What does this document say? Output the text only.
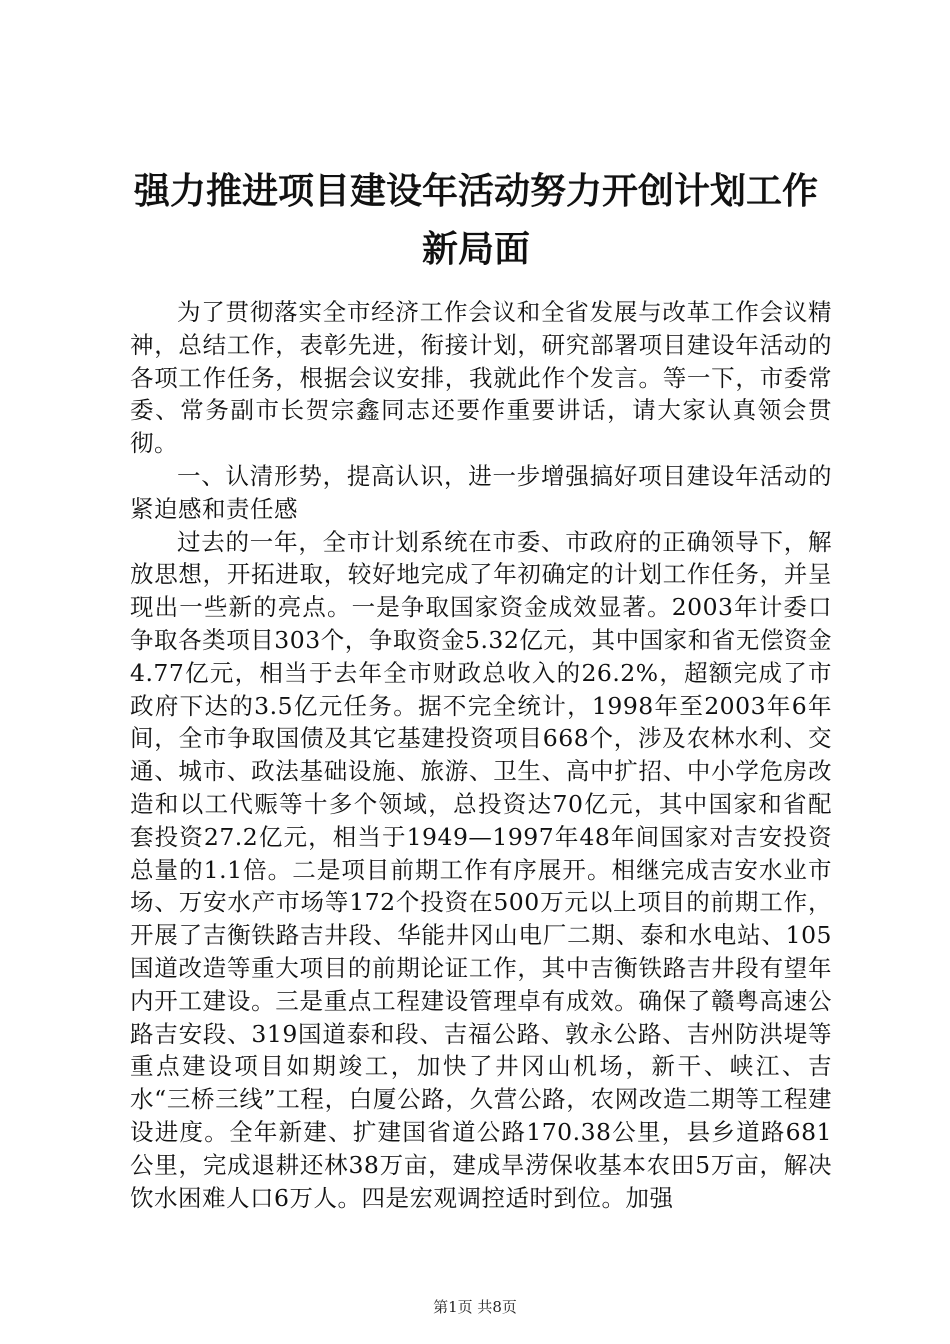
强力推进项目建设年活动努力开创计划工作新局面

为了贯彻落实全市经济工作会议和全省发展与改革工作会议精神，总结工作，表彰先进，衔接计划，研究部署项目建设年活动的各项工作任务，根据会议安排，我就此作个发言。等一下，市委常委、常务副市长贺宗鑫同志还要作重要讲话，请大家认真领会贯彻。

一、认清形势，提高认识，进一步增强搞好项目建设年活动的紧迫感和责任感

过去的一年，全市计划系统在市委、市政府的正确领导下，解放思想，开拓进取，较好地完成了年初确定的计划工作任务，并呈现出一些新的亮点。一是争取国家资金成效显著。2003年计委口争取各类项目303个，争取资金5.32亿元，其中国家和省无偿资金4.77亿元，相当于去年全市财政总收入的26.2%，超额完成了市政府下达的3.5亿元任务。据不完全统计，1998年至2003年6年间，全市争取国债及其它基建投资项目668个，涉及农林水利、交通、城市、政法基础设施、旅游、卫生、高中扩招、中小学危房改造和以工代赈等十多个领域，总投资达70亿元，其中国家和省配套投资27.2亿元，相当于1949—1997年48年间国家对吉安投资总量的1.1倍。二是项目前期工作有序展开。相继完成吉安水业市场、万安水产市场等172个投资在500万元以上项目的前期工作，开展了吉衡铁路吉井段、华能井冈山电厂二期、泰和水电站、105国道改造等重大项目的前期论证工作，其中吉衡铁路吉井段有望年内开工建设。三是重点工程建设管理卓有成效。确保了赣粤高速公路吉安段、319国道泰和段、吉福公路、敦永公路、吉州防洪堤等重点建设项目如期竣工，加快了井冈山机场，新干、峡江、吉水“三桥三线”工程，白厦公路，久营公路，农网改造二期等工程建设进度。全年新建、扩建国省道公路170.38公里，县乡道路681公里，完成退耕还林38万亩，建成旱涝保收基本农田5万亩，解决饮水困难人口6万人。四是宏观调控适时到位。加强

第1页 共8页
